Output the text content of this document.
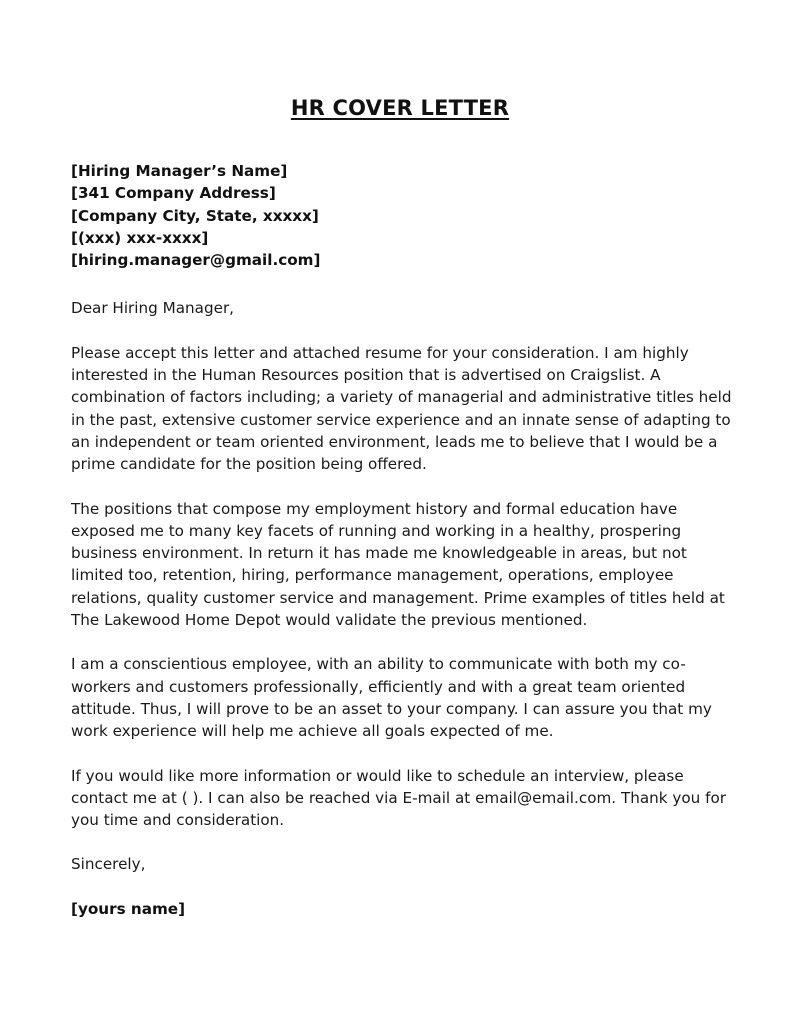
HR COVER LETTER
[Hiring Manager’s Name]
[341 Company Address]
[Company City, State, xxxxx]
[(xxx) xxx-xxxx]
[hiring.manager@gmail.com]

Dear Hiring Manager,

Please accept this letter and attached resume for your consideration. I am highly
interested in the Human Resources position that is advertised on Craigslist. A
combination of factors including; a variety of managerial and administrative titles held
in the past, extensive customer service experience and an innate sense of adapting to
an independent or team oriented environment, leads me to believe that I would be a
prime candidate for the position being offered.

The positions that compose my employment history and formal education have
exposed me to many key facets of running and working in a healthy, prospering
business environment. In return it has made me knowledgeable in areas, but not
limited too, retention, hiring, performance management, operations, employee
relations, quality customer service and management. Prime examples of titles held at
The Lakewood Home Depot would validate the previous mentioned.

I am a conscientious employee, with an ability to communicate with both my co-
workers and customers professionally, efficiently and with a great team oriented
attitude. Thus, I will prove to be an asset to your company. I can assure you that my
work experience will help me achieve all goals expected of me.

If you would like more information or would like to schedule an interview, please
contact me at ( ). I can also be reached via E-mail at email@email.com. Thank you for
you time and consideration.

Sincerely,

[yours name]
